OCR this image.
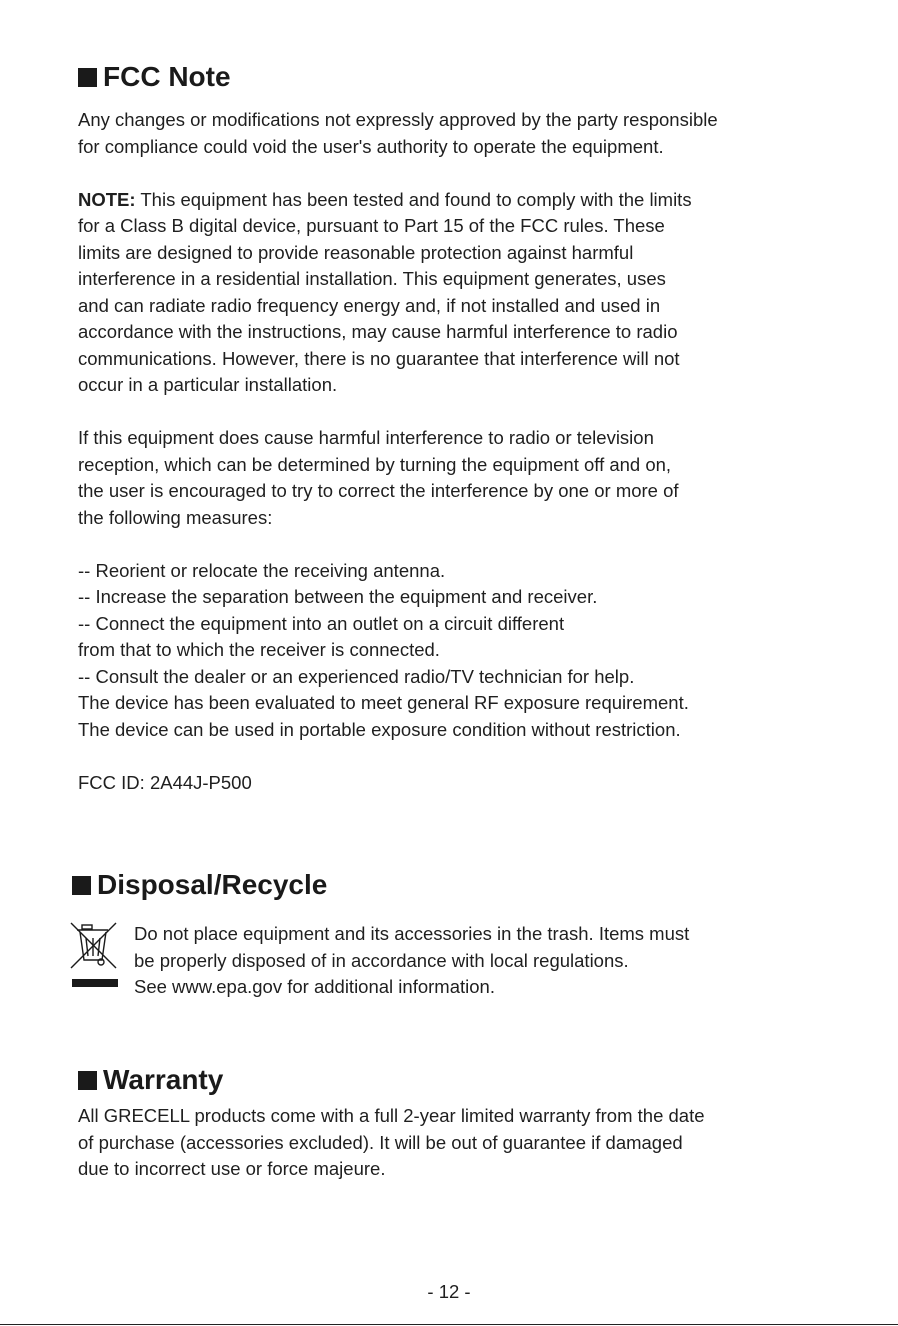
FCC Note
Any changes or modifications not expressly approved by the party responsible
for compliance could void the user's authority to operate the equipment.
NOTE: This equipment has been tested and found to comply with the limits
for a Class B digital device, pursuant to Part 15 of the FCC rules. These
limits are designed to provide reasonable protection against harmful
interference in a residential installation. This equipment generates, uses
and can radiate radio frequency energy and, if not installed and used in
accordance with the instructions, may cause harmful interference to radio
communications. However, there is no guarantee that interference will not
occur in a particular installation.
If this equipment does cause harmful interference to radio or television
reception, which can be determined by turning the equipment off and on,
the user is encouraged to try to correct the interference by one or more of
the following measures:
-- Reorient or relocate the receiving antenna.
-- Increase the separation between the equipment and receiver.
-- Connect the equipment into an outlet on a circuit different
from that to which the receiver is connected.
-- Consult the dealer or an experienced radio/TV technician for help.
The device has been evaluated to meet general RF exposure requirement.
The device can be used in portable exposure condition without restriction.
FCC ID: 2A44J-P500
Disposal/Recycle
Do not place equipment and its accessories in the trash. Items must
be properly disposed of in accordance with local regulations.
See www.epa.gov for additional information.
Warranty
All GRECELL products come with a full 2-year limited warranty from the date
of purchase (accessories excluded). It will be out of guarantee if damaged
due to incorrect use or force majeure.
- 12 -
